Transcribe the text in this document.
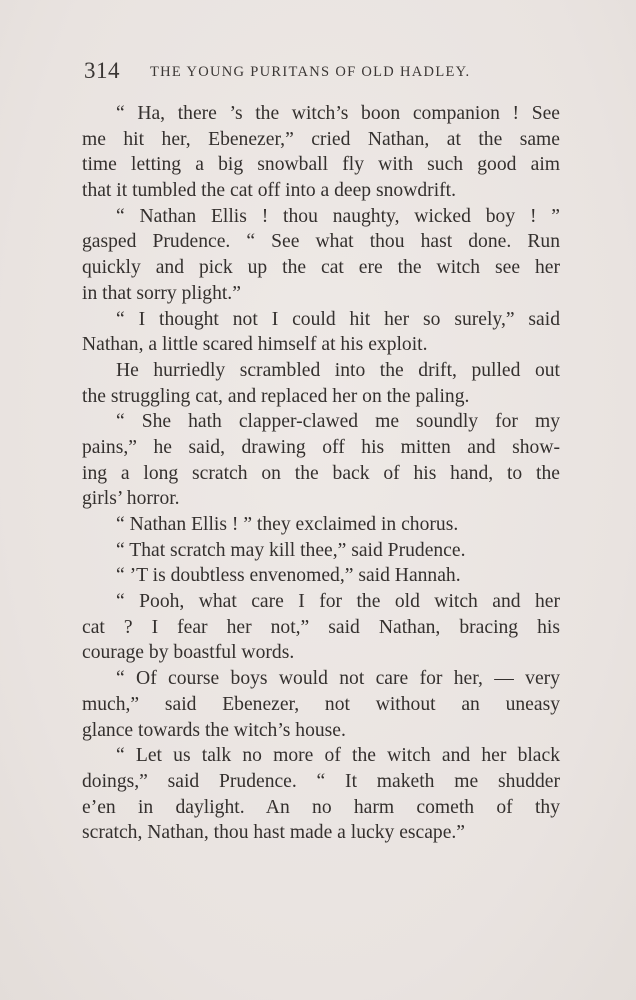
314 THE YOUNG PURITANS OF OLD HADLEY.
“ Ha, there ’s the witch’s boon companion ! See
me hit her, Ebenezer,” cried Nathan, at the same
time letting a big snowball fly with such good aim
that it tumbled the cat off into a deep snowdrift.
“ Nathan Ellis ! thou naughty, wicked boy ! ”
gasped Prudence. “ See what thou hast done. Run
quickly and pick up the cat ere the witch see her
in that sorry plight.”
“ I thought not I could hit her so surely,” said
Nathan, a little scared himself at his exploit.
He hurriedly scrambled into the drift, pulled out
the struggling cat, and replaced her on the paling.
“ She hath clapper-clawed me soundly for my
pains,” he said, drawing off his mitten and show-
ing a long scratch on the back of his hand, to the
girls’ horror.
“ Nathan Ellis ! ” they exclaimed in chorus.
“ That scratch may kill thee,” said Prudence.
“ ’T is doubtless envenomed,” said Hannah.
“ Pooh, what care I for the old witch and her
cat ? I fear her not,” said Nathan, bracing his
courage by boastful words.
“ Of course boys would not care for her, — very
much,” said Ebenezer, not without an uneasy
glance towards the witch’s house.
“ Let us talk no more of the witch and her black
doings,” said Prudence. “ It maketh me shudder
e’en in daylight. An no harm cometh of thy
scratch, Nathan, thou hast made a lucky escape.”
